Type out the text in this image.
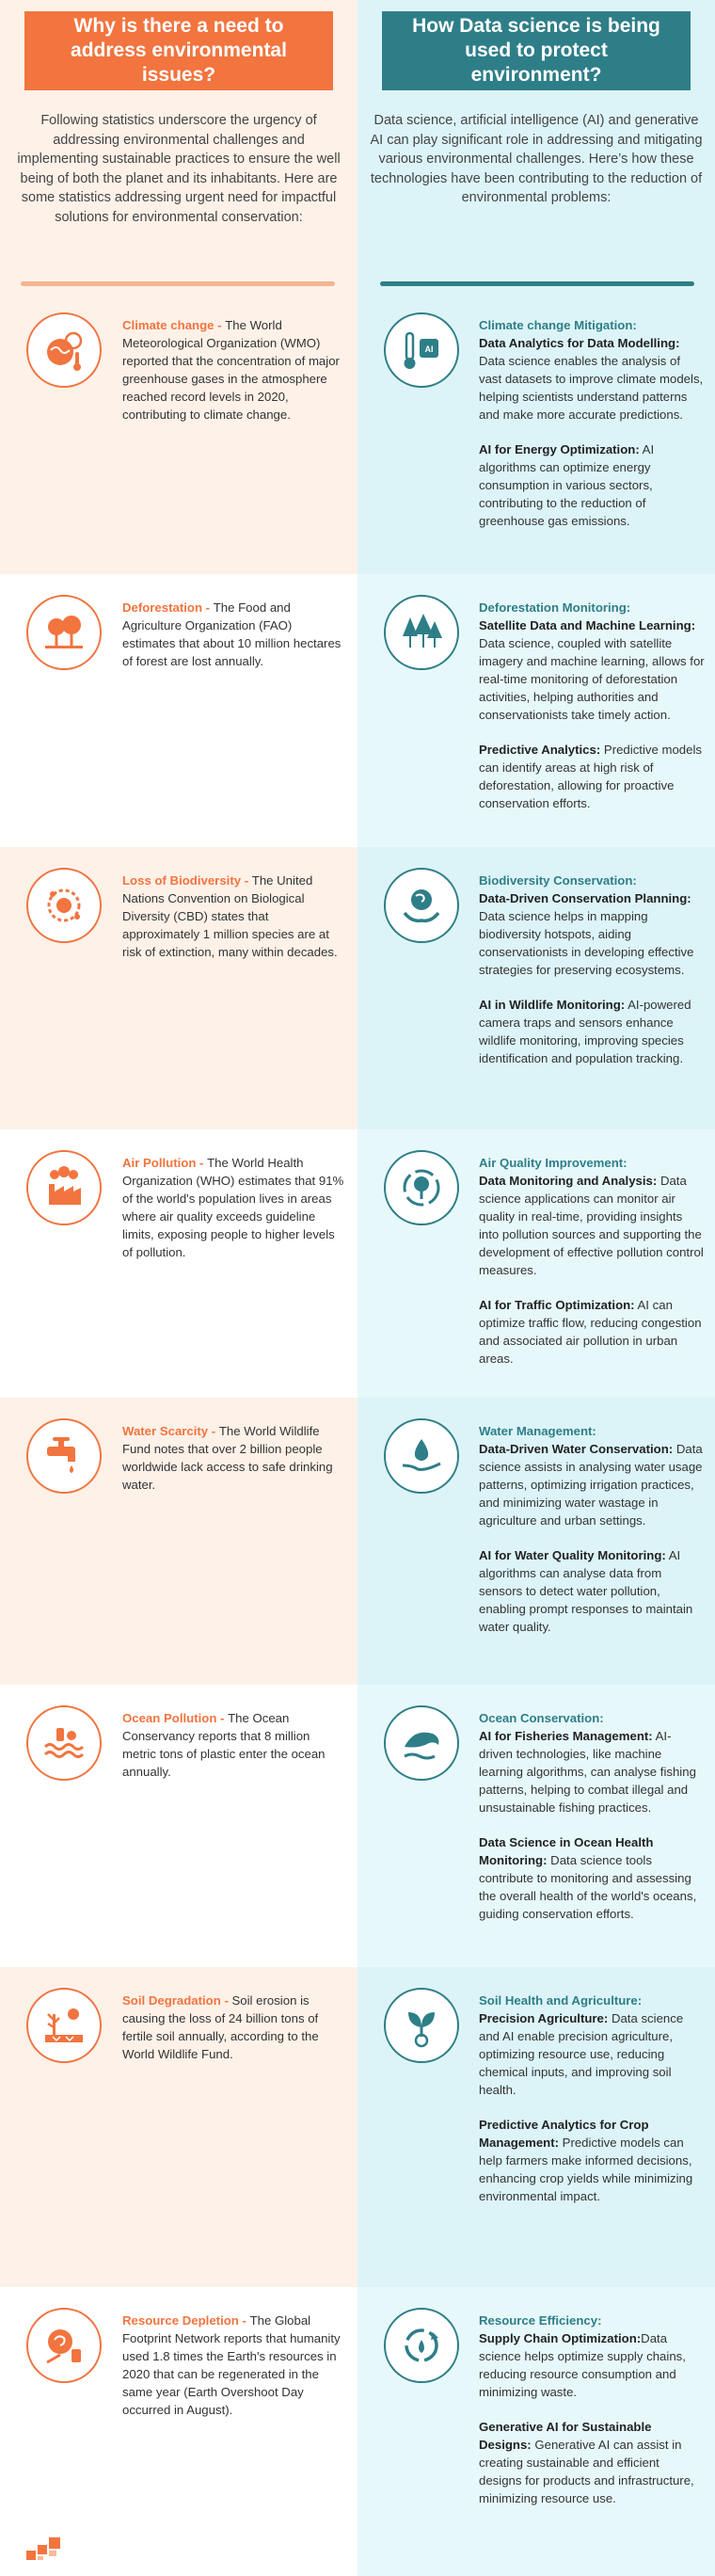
Why is there a need to address environmental issues?
How Data science is being used to protect environment?
Following statistics underscore the urgency of addressing environmental challenges and implementing sustainable practices to ensure the well being of both the planet and its inhabitants. Here are some statistics addressing urgent need for impactful solutions for environmental conservation:
Data science, artificial intelligence (AI) and generative AI can play significant role in addressing and mitigating various environmental challenges. Here’s how these technologies have been contributing to the reduction of environmental problems:
Climate change - The World Meteorological Organization (WMO) reported that the concentration of major greenhouse gases in the atmosphere reached record levels in 2020, contributing to climate change.
AI
Climate change Mitigation:

Data Analytics for Data Modelling: Data science enables the analysis of vast datasets to improve climate models, helping scientists understand patterns and make more accurate predictions.

AI for Energy Optimization: AI algorithms can optimize energy consumption in various sectors, contributing to the reduction of greenhouse gas emissions.

Deforestation - The Food and Agriculture Organization (FAO) estimates that about 10 million hectares of forest are lost annually.
Deforestation Monitoring:

Satellite Data and Machine Learning: Data science, coupled with satellite imagery and machine learning, allows for real-time monitoring of deforestation activities, helping authorities and conservationists take timely action.

Predictive Analytics: Predictive models can identify areas at high risk of deforestation, allowing for proactive conservation efforts.

Loss of Biodiversity - The United Nations Convention on Biological Diversity (CBD) states that approximately 1 million species are at risk of extinction, many within decades.
Biodiversity Conservation:

Data-Driven Conservation Planning: Data science helps in mapping biodiversity hotspots, aiding conservationists in developing effective strategies for preserving ecosystems.

AI in Wildlife Monitoring: AI-powered camera traps and sensors enhance wildlife monitoring, improving species identification and population tracking.

Air Pollution - The World Health Organization (WHO) estimates that 91% of the world's population lives in areas where air quality exceeds guideline limits, exposing people to higher levels of pollution.
Air Quality Improvement:

Data Monitoring and Analysis: Data science applications can monitor air quality in real-time, providing insights into pollution sources and supporting the development of effective pollution control measures.

AI for Traffic Optimization: AI can optimize traffic flow, reducing congestion and associated air pollution in urban areas.

Water Scarcity - The World Wildlife Fund notes that over 2 billion people worldwide lack access to safe drinking water.
Water Management:

Data-Driven Water Conservation: Data science assists in analysing water usage patterns, optimizing irrigation practices, and minimizing water wastage in agriculture and urban settings.

AI for Water Quality Monitoring: AI algorithms can analyse data from sensors to detect water pollution, enabling prompt responses to maintain water quality.

Ocean Pollution - The Ocean Conservancy reports that 8 million metric tons of plastic enter the ocean annually.
Ocean Conservation:

AI for Fisheries Management: AI-driven technologies, like machine learning algorithms, can analyse fishing patterns, helping to combat illegal and unsustainable fishing practices.

Data Science in Ocean Health Monitoring: Data science tools contribute to monitoring and assessing the overall health of the world's oceans, guiding conservation efforts.

Soil Degradation - Soil erosion is causing the loss of 24 billion tons of fertile soil annually, according to the World Wildlife Fund.
Soil Health and Agriculture:

Precision Agriculture: Data science and AI enable precision agriculture, optimizing resource use, reducing chemical inputs, and improving soil health.

Predictive Analytics for Crop Management: Predictive models can help farmers make informed decisions, enhancing crop yields while minimizing environmental impact.

Resource Depletion - The Global Footprint Network reports that humanity used 1.8 times the Earth's resources in 2020 that can be regenerated in the same year (Earth Overshoot Day occurred in August).
Resource Efficiency:

Supply Chain Optimization:Data science helps optimize supply chains, reducing resource consumption and minimizing waste.

Generative AI for Sustainable Designs: Generative AI can assist in creating sustainable and efficient designs for products and infrastructure, minimizing resource use.
